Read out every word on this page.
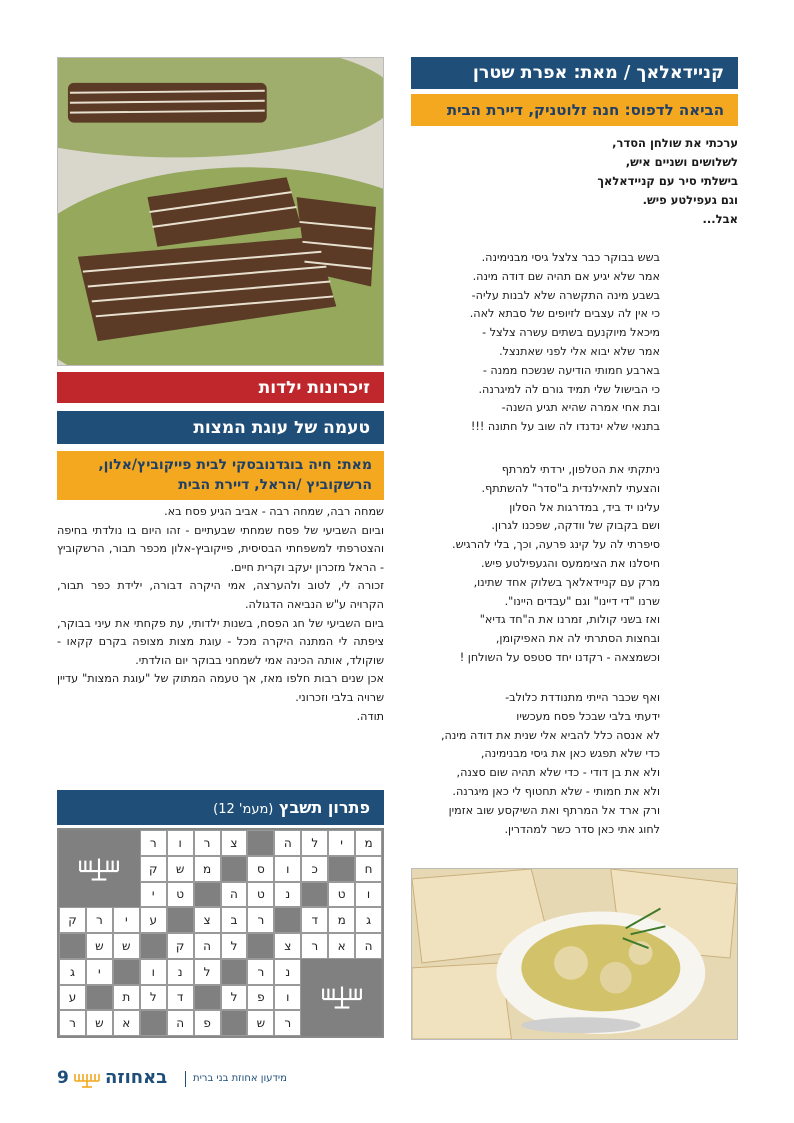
קניידאלאך / מאת: אפרת שטרן
הביאה לדפוס: חנה זלוטניק, דיירת הבית
ערכתי את שולחן הסדר,
לשלושים ושניים איש,
בישלתי סיר עם קניידאלאך
וגם געפילטע פיש.
אבל...
בשש בבוקר כבר צלצל גיסי מבנימינה.
אמר שלא יגיע אם תהיה שם דודה מינה.
בשבע מינה התקשרה שלא לבנות עליה-
כי אין לה עצבים לזיופים של סבתא לאה.
מיכאל מיוקנעם בשתים עשרה צלצל -
אמר שלא יבוא אלי לפני שאתנצל.
בארבע חמותי הודיעה שנשכח ממנה -
כי הבישול שלי תמיד גורם לה למיגרנה.
ובת אחי אמרה שהיא תגיע השנה-
בתנאי שלא ינדנדו לה שוב על חתונה !!!
ניתקתי את הטלפון, ירדתי למרתף
והצעתי לתאילנדית ב"סדר" להשתתף.
עלינו יד ביד, במדרגות אל הסלון
ושם בקבוק של וודקה, שפכנו לגרון.
סיפרתי לה על קינג פרעה, וכך, בלי להרגיש.
חיסלנו את הציממעס והגעפילטע פיש.
מרק עם קניידאלאך בשלוק אחד שתינו,
שרנו "די דיינו" וגם "עבדים היינו".
ואז בשני קולות, זמרנו את ה"חד גדיא"
ובחצות הסתרתי לה את האפיקומן,
וכשמצאה - רקדנו יחד סטפס על השולחן !
ואף שכבר הייתי מתנודדת כלולב-
ידעתי בלבי שבכל פסח מעכשיו
לא אנסה כלל להביא אלי שנית את דודה מינה,
כדי שלא תפגש כאן את גיסי מבנימינה,
ולא את בן דודי - כדי שלא תהיה שום סצנה,
ולא את חמותי - שלא תחטוף לי כאן מיגרנה.
ורק ארד אל המרתף ואת השיקסע שוב אזמין
לחוג אתי כאן סדר כשר למהדרין.
זיכרונות ילדות
טעמה של עוגת המצות
מאת: חיה בוגדנובסקי לבית פייקוביץ/אלון, הרשקוביץ /הראל, דיירת הבית
שמחה רבה, שמחה רבה - אביב הגיע פסח בא.
וביום השביעי של פסח שמחתי שבעתיים - זהו היום בו נולדתי בחיפה והצטרפתי למשפחתי הבסיסית, פייקוביץ-אלון מכפר תבור, הרשקוביץ - הראל מזכרון יעקב וקרית חיים.
זכורה לי, לטוב ולהערצה, אמי היקרה דבורה, ילידת כפר תבור, הקרויה ע"ש הנביאה הדגולה.
ביום השביעי של חג הפסח, בשנות ילדותי, עת פקחתי את עיני בבוקר, ציפתה לי המתנה היקרה מכל - עוגת מצות מצופה בקרם קקאו - שוקולד, אותה הכינה אמי לשמחני בבוקר יום הולדתי.
אכן שנים רבות חלפו מאז, אך טעמה המתוק של "עוגת המצות" עדיין שרויה בלבי וזכרוני.
תודה.
פתרון תשבץ (מעמ' 12)
מ
י
ל
ה
צ
ר
ו
ר
ח
כ
ו
ס
מ
ש
ק
ו
ט
נ
ט
ה
ט
י
ג
מ
ד
ר
ב
צ
ע
י
ר
ק
ה
א
ר
צ
ל
ה
ק
ש
ש
נ
ר
ל
נ
ו
י
ג
ו
פ
ל
ד
ל
ת
ע
ר
ש
פ
ה
א
ש
ר
9 באחוזה	מידעון אחוזת בני ברית
